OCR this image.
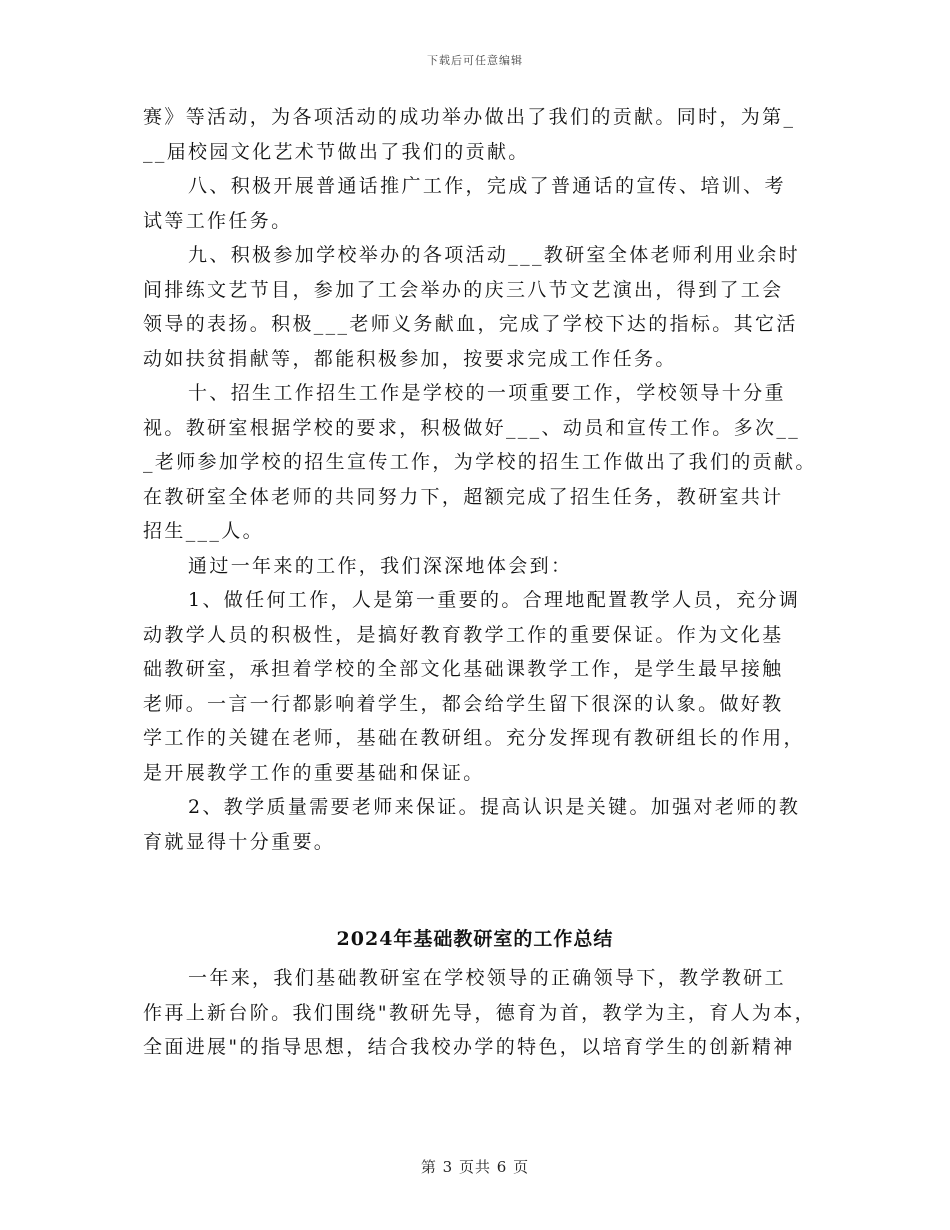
下载后可任意编辑
赛》等活动，为各项活动的成功举办做出了我们的贡献。同时，为第_
__届校园文化艺术节做出了我们的贡献。
八、积极开展普通话推广工作，完成了普通话的宣传、培训、考
试等工作任务。
九、积极参加学校举办的各项活动___教研室全体老师利用业余时
间排练文艺节目，参加了工会举办的庆三八节文艺演出，得到了工会
领导的表扬。积极___老师义务献血，完成了学校下达的指标。其它活
动如扶贫捐献等，都能积极参加，按要求完成工作任务。
十、招生工作招生工作是学校的一项重要工作，学校领导十分重
视。教研室根据学校的要求，积极做好___、动员和宣传工作。多次__
_老师参加学校的招生宣传工作，为学校的招生工作做出了我们的贡献。
在教研室全体老师的共同努力下，超额完成了招生任务，教研室共计
招生___人。
通过一年来的工作，我们深深地体会到：
1、做任何工作，人是第一重要的。合理地配置教学人员，充分调
动教学人员的积极性，是搞好教育教学工作的重要保证。作为文化基
础教研室，承担着学校的全部文化基础课教学工作，是学生最早接触
老师。一言一行都影响着学生，都会给学生留下很深的认象。做好教
学工作的关键在老师，基础在教研组。充分发挥现有教研组长的作用，
是开展教学工作的重要基础和保证。
2、教学质量需要老师来保证。提高认识是关键。加强对老师的教
育就显得十分重要。
2024年基础教研室的工作总结
一年来，我们基础教研室在学校领导的正确领导下，教学教研工
作再上新台阶。我们围绕"教研先导，德育为首，教学为主，育人为本，
全面进展"的指导思想，结合我校办学的特色，以培育学生的创新精神
第 3 页共 6 页
